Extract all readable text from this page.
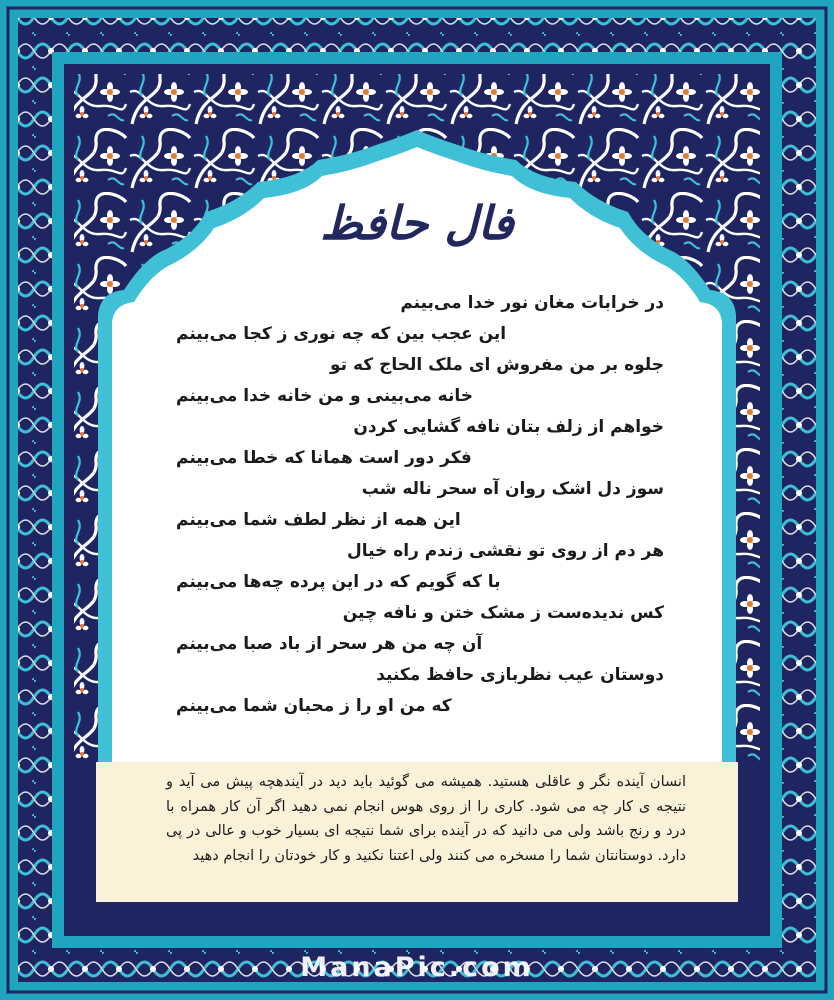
فال حافظ
در خرابات مغان نور خدا می‌بینم
این عجب بین که چه نوری ز کجا می‌بینم
جلوه بر من مفروش ای ملک الحاج که تو
خانه می‌بینی و من خانه خدا می‌بینم
خواهم از زلف بتان نافه گشایی کردن
فکر دور است همانا که خطا می‌بینم
سوز دل اشک روان آه سحر ناله شب
این همه از نظر لطف شما می‌بینم
هر دم از روی تو نقشی زندم راه خیال
با که گویم که در این پرده چه‌ها می‌بینم
کس ندیده‌ست ز مشک ختن و نافه چین
آن چه من هر سحر از باد صبا می‌بینم
دوستان عیب نظربازی حافظ مکنید
که من او را ز محبان شما می‌بینم
انسان آینده نگر و عاقلی هستید. همیشه می گوئید باید دید در آیندهچه پیش می آید و نتیجه ی کار چه می شود. کاری را از روی هوس انجام نمی دهید اگر آن کار همراه با درد و رنج باشد ولی می دانید که در آینده برای شما نتیجه ای بسیار خوب و عالی در پی دارد. دوستانتان شما را مسخره می کنند ولی اعتنا نکنید و کار خودتان را انجام دهید
ManaPic.com
